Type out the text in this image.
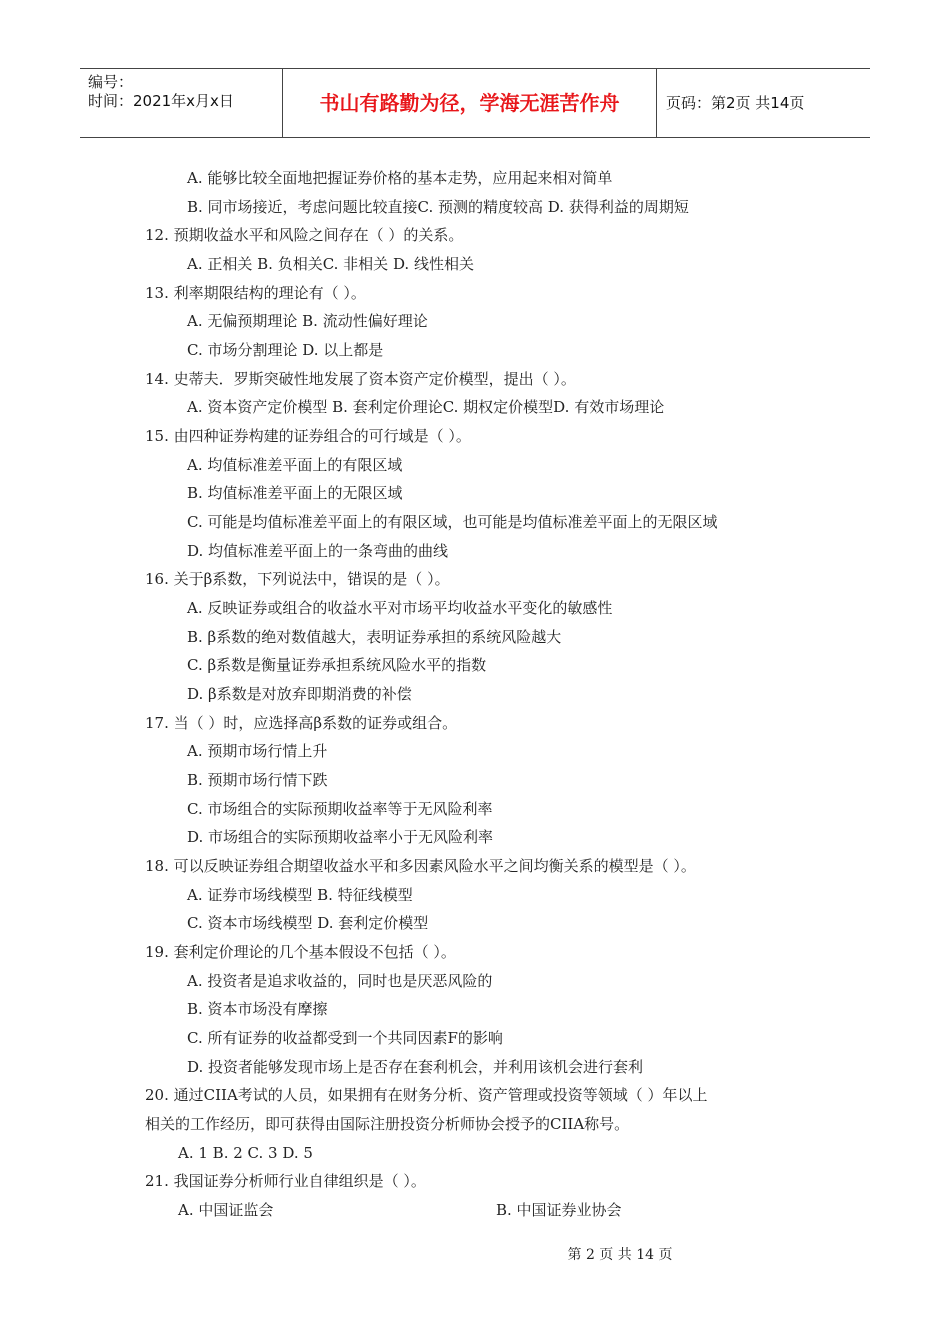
编号：
时间：2021年x月x日	书山有路勤为径，学海无涯苦作舟	页码：第2页 共14页
A. 能够比较全面地把握证券价格的基本走势，应用起来相对简单
B. 同市场接近，考虑问题比较直接C. 预测的精度较高 D. 获得利益的周期短
12. 预期收益水平和风险之间存在（ ）的关系。
A. 正相关 B. 负相关C. 非相关 D. 线性相关
13. 利率期限结构的理论有（ ）。
A. 无偏预期理论 B. 流动性偏好理论
C. 市场分割理论 D. 以上都是
14. 史蒂夫．罗斯突破性地发展了资本资产定价模型，提出（ ）。
A. 资本资产定价模型 B. 套利定价理论C. 期权定价模型D. 有效市场理论
15. 由四种证券构建的证券组合的可行域是（ ）。
A. 均值标准差平面上的有限区域
B. 均值标准差平面上的无限区域
C. 可能是均值标准差平面上的有限区域，也可能是均值标准差平面上的无限区域
D. 均值标准差平面上的一条弯曲的曲线
16. 关于β系数，下列说法中，错误的是（ ）。
A. 反映证券或组合的收益水平对市场平均收益水平变化的敏感性
B. β系数的绝对数值越大，表明证券承担的系统风险越大
C. β系数是衡量证券承担系统风险水平的指数
D. β系数是对放弃即期消费的补偿
17. 当（ ）时，应选择高β系数的证券或组合。
A. 预期市场行情上升
B. 预期市场行情下跌
C. 市场组合的实际预期收益率等于无风险利率
D. 市场组合的实际预期收益率小于无风险利率
18. 可以反映证券组合期望收益水平和多因素风险水平之间均衡关系的模型是（ ）。
A. 证券市场线模型 B. 特征线模型
C. 资本市场线模型 D. 套利定价模型
19. 套利定价理论的几个基本假设不包括（ ）。
A. 投资者是追求收益的，同时也是厌恶风险的
B. 资本市场没有摩擦
C. 所有证券的收益都受到一个共同因素F的影响
D. 投资者能够发现市场上是否存在套利机会，并利用该机会进行套利
20. 通过CIIA考试的人员，如果拥有在财务分析、资产管理或投资等领域（ ）年以上
相关的工作经历，即可获得由国际注册投资分析师协会授予的CIIA称号。
A. 1 B. 2 C. 3 D. 5
21. 我国证券分析师行业自律组织是（ ）。
A. 中国证监会	B. 中国证券业协会
第 2 页 共 14 页
